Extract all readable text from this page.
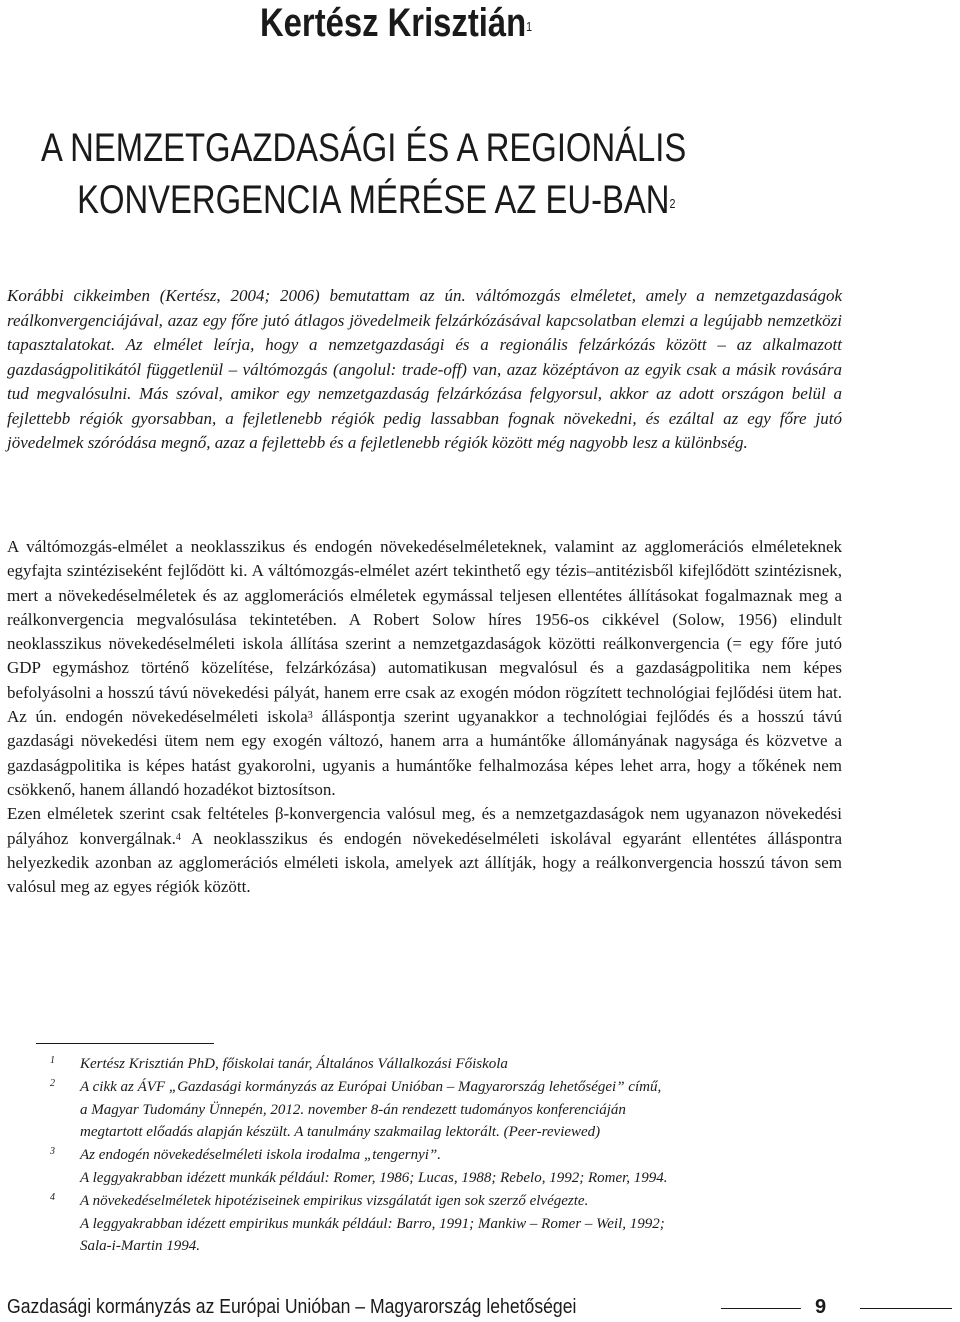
Kertész Krisztián$^1$
A NEMZETGAZDASÁGI ÉS A REGIONÁLIS
KONVERGENCIA MÉRÉSE AZ EU-BAN$^2$

Korábbi cikkeimben (Kertész, 2004; 2006) bemutattam az ún. váltómozgás elméletet, amely a nemzetgazdaságok reálkonvergenciájával, azaz egy főre jutó átlagos jövedelmeik felzárkózásával kapcsolatban elemzi a legújabb nemzetközi tapasztalatokat. Az elmélet leírja, hogy a nemzetgazdasági és a regionális felzárkózás között – az alkalmazott gazdaságpolitikától függetlenül – váltómozgás (angolul: trade-off) van, azaz középtávon az egyik csak a másik rovására tud megvalósulni. Más szóval, amikor egy nemzetgazdaság felzárkózása felgyorsul, akkor az adott országon belül a fejlettebb régiók gyorsabban, a fejletlenebb régiók pedig lassabban fognak növekedni, és ezáltal az egy főre jutó jövedelmek szóródása megnő, azaz a fejlettebb és a fejletlenebb régiók között még nagyobb lesz a különbség.

A váltómozgás-elmélet a neoklasszikus és endogén növekedéselméleteknek, valamint az agglomerációs elméleteknek egyfajta szintéziseként fejlődött ki. A váltómozgás-elmélet azért tekinthető egy tézis–antitézisből kifejlődött szintézisnek, mert a növekedéselméletek és az agglomerációs elméletek egymással teljesen ellentétes állításokat fogalmaznak meg a reálkonvergencia megvalósulása tekintetében. A Robert Solow híres 1956-os cikkével (Solow, 1956) elindult neoklasszikus növekedéselméleti iskola állítása szerint a nemzetgazdaságok közötti reálkonvergencia (= egy főre jutó GDP egymáshoz történő közelítése, felzárkózása) automatikusan megvalósul és a gazdaságpolitika nem képes befolyásolni a hosszú távú növekedési pályát, hanem erre csak az exogén módon rögzített technológiai fejlődési ütem hat. Az ún. endogén növekedéselméleti iskola$^3$ álláspontja szerint ugyanakkor a technológiai fejlődés és a hosszú távú gazdasági növekedési ütem nem egy exogén változó, hanem arra a humántőke állományának nagysága és közvetve a gazdaságpolitika is képes hatást gyakorolni, ugyanis a humántőke felhalmozása képes lehet arra, hogy a tőkének nem csökkenő, hanem állandó hozadékot biztosítson.

Ezen elméletek szerint csak feltételes β-konvergencia valósul meg, és a nemzetgazdaságok nem ugyanazon növekedési pályához konvergálnak.$^4$ A neoklasszikus és endogén növekedéselméleti iskolával egyaránt ellentétes álláspontra helyezkedik azonban az agglomerációs elméleti iskola, amelyek azt állítják, hogy a reálkonvergencia hosszú távon sem valósul meg az egyes régiók között.

1 Kertész Krisztián PhD, főiskolai tanár, Általános Vállalkozási Főiskola
2 A cikk az ÁVF „Gazdasági kormányzás az Európai Unióban – Magyarország lehetőségei” című,
a Magyar Tudomány Ünnepén, 2012. november 8-án rendezett tudományos konferenciáján
megtartott előadás alapján készült. A tanulmány szakmailag lektorált. (Peer-reviewed)
3 Az endogén növekedéselméleti iskola irodalma „tengernyi”.
A leggyakrabban idézett munkák például: Romer, 1986; Lucas, 1988; Rebelo, 1992; Romer, 1994.
4 A növekedéselméletek hipotéziseinek empirikus vizsgálatát igen sok szerző elvégezte.
A leggyakrabban idézett empirikus munkák például: Barro, 1991; Mankiw – Romer – Weil, 1992;
Sala-i-Martin 1994.
Gazdasági kormányzás az Európai Unióban – Magyarország lehetőségei	9
